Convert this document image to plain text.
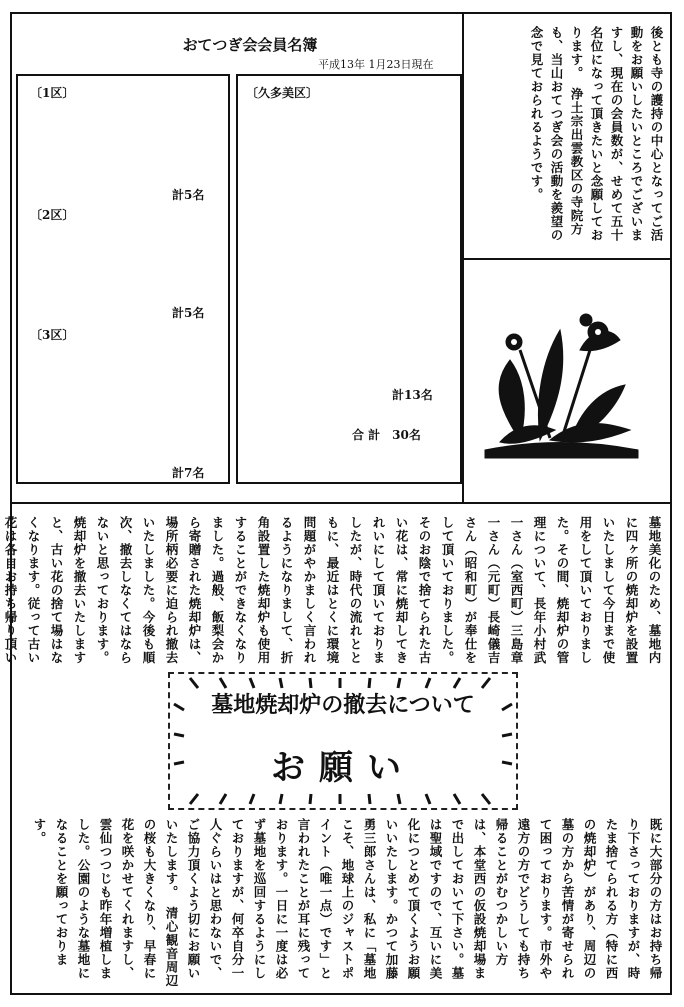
おてつぎ会会員名簿
平成13年 1月23日現在
〔1区〕
計5名
〔2区〕
計5名
〔3区〕
計7名
〔久多美区〕
計13名
合 計　30名
後とも寺の護持の中心となってご活動をお願いしたいところでございますし、現在の会員数が、せめて五十名位になって頂きたいと念願しております。　浄土宗出雲教区の寺院方も、当山おてつぎ会の活動を羨望の念で見ておられるようです。
墓地美化のため、墓地内に四ヶ所の焼却炉を設置いたしまして今日まで使用をして頂いておりました。その間、焼却炉の管理について、長年小村武一さん（室西町）三島章一さん（元町）長崎儀吉さん（昭和町）が奉仕をして頂いておりました。そのお陰で捨てられた古い花は、常に焼却してきれいにして頂いておりましたが、時代の流れとともに、最近はとくに環境問題がやかましく言われるようになりまして、折角設置した焼却炉も使用することができなくなりました。過般、飯梨会から寄贈された焼却炉は、場所柄必要に迫られ撤去いたしました。今後も順次、撤去しなくてはならないと思っております。　焼却炉を撤去いたしますと、古い花の捨て場はなくなります。従って古い花は各自お持ち帰り頂い
墓地焼却炉の撤去について
お願い
既に大部分の方はお持ち帰り下さっておりますが、時たま捨てられる方（特に西の焼却炉）があり、周辺の墓の方から苦情が寄せられて困っております。市外や遠方の方でどうしても持ち帰ることがむつかしい方は、本堂西の仮設焼却場まで出しておいて下さい。墓は聖域ですので、互いに美化につとめて頂くようお願いいたします。かつて加藤勇三郎さんは、私に「墓地こそ、地球上のジャストポイント（唯一点）です」と言われたことが耳に残っております。一日に一度は必ず墓地を巡回するようにしておりますが、何卒自分一人ぐらいはと思わないで、ご協力頂くよう切にお願いいたします。　清心観音周辺の桜も大きくなり、早春に花を咲かせてくれますし、雲仙つつじも昨年増植しました。公園のような墓地になることを願っております。
